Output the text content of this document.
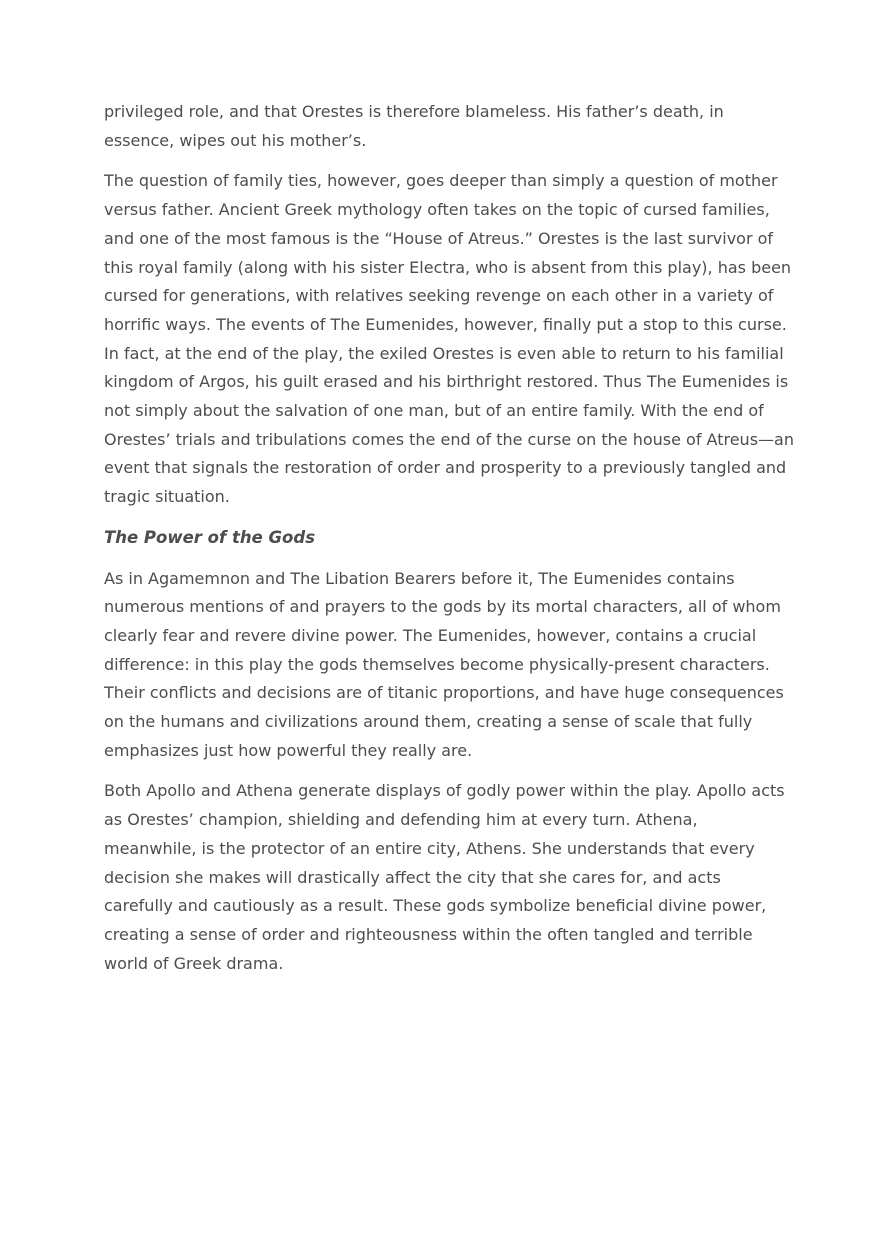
privileged role, and that Orestes is therefore blameless. His father’s death, in essence, wipes out his mother’s.

The question of family ties, however, goes deeper than simply a question of mother versus father. Ancient Greek mythology often takes on the topic of cursed families, and one of the most famous is the “House of Atreus.” Orestes is the last survivor of this royal family (along with his sister Electra, who is absent from this play), has been cursed for generations, with relatives seeking revenge on each other in a variety of horrific ways. The events of The Eumenides, however, finally put a stop to this curse. In fact, at the end of the play, the exiled Orestes is even able to return to his familial kingdom of Argos, his guilt erased and his birthright restored. Thus The Eumenides is not simply about the salvation of one man, but of an entire family. With the end of Orestes’ trials and tribulations comes the end of the curse on the house of Atreus—an event that signals the restoration of order and prosperity to a previously tangled and tragic situation.

The Power of the Gods

As in Agamemnon and The Libation Bearers before it, The Eumenides contains numerous mentions of and prayers to the gods by its mortal characters, all of whom clearly fear and revere divine power. The Eumenides, however, contains a crucial difference: in this play the gods themselves become physically-present characters. Their conflicts and decisions are of titanic proportions, and have huge consequences on the humans and civilizations around them, creating a sense of scale that fully emphasizes just how powerful they really are.

Both Apollo and Athena generate displays of godly power within the play. Apollo acts as Orestes’ champion, shielding and defending him at every turn. Athena, meanwhile, is the protector of an entire city, Athens. She understands that every decision she makes will drastically affect the city that she cares for, and acts carefully and cautiously as a result. These gods symbolize beneficial divine power, creating a sense of order and righteousness within the often tangled and terrible world of Greek drama.
